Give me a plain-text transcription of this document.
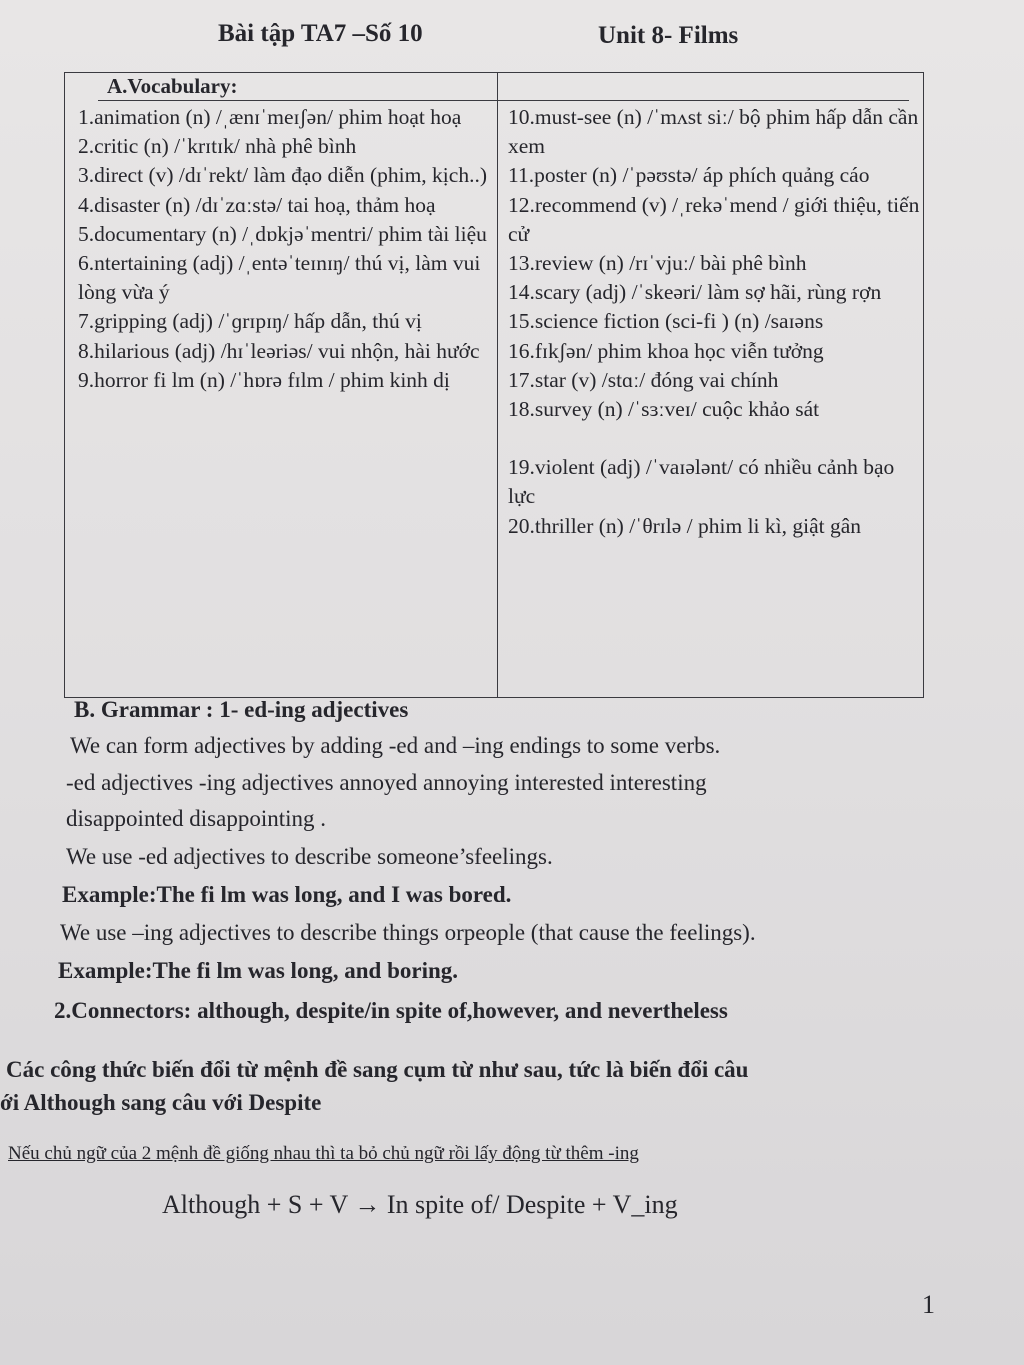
Bài tập TA7 –Số 10	Unit 8- Films
A.Vocabulary:

1.animation (n) /ˌænɪˈmeɪʃən/ phim hoạt hoạ

2.critic (n) /ˈkrɪtɪk/ nhà phê bình

3.direct (v) /dɪˈrekt/ làm đạo diễn (phim, kịch..)

4.disaster (n) /dɪˈzɑːstə/ tai hoạ, thảm hoạ

5.documentary (n) /ˌdɒkjəˈmentri/ phim tài liệu

6.ntertaining (adj) /ˌentəˈteɪnɪŋ/ thú vị, làm vui lòng vừa ý

7.gripping (adj) /ˈɡrɪpɪŋ/ hấp dẫn, thú vị

8.hilarious (adj) /hɪˈleəriəs/ vui nhộn, hài hước

9.horror fi lm (n) /ˈhɒrə fɪlm / phim kinh dị

10.must-see (n) /ˈmʌst siː/ bộ phim hấp dẫn cần xem

11.poster (n) /ˈpəʊstə/ áp phích quảng cáo

12.recommend (v) /ˌrekəˈmend / giới thiệu, tiến cử

13.review (n) /rɪˈvjuː/ bài phê bình

14.scary (adj) /ˈskeəri/ làm sợ hãi, rùng rợn

15.science fiction (sci-fi ) (n) /saɪəns

16.fɪkʃən/ phim khoa học viễn tưởng

17.star (v) /stɑː/ đóng vai chính

18.survey (n) /ˈsɜːveɪ/ cuộc khảo sát

19.violent (adj) /ˈvaɪələnt/ có nhiều cảnh bạo lực

20.thriller (n) /ˈθrɪlə / phim li kì, giật gân

B. Grammar : 1- ed-ing adjectives
We can form adjectives by adding -ed and –ing endings to some verbs.
-ed adjectives -ing adjectives annoyed annoying interested interesting
disappointed disappointing .
We use -ed adjectives to describe someone’sfeelings.
Example:The fi lm was long, and I was bored.
We use –ing adjectives to describe things orpeople (that cause the feelings).
Example:The fi lm was long, and boring.
2.Connectors: although, despite/in spite of,however, and nevertheless
Các công thức biến đổi từ mệnh đề sang cụm từ như sau, tức là biến đổi câu
ới Although sang câu với Despite
Nếu chủ ngữ của 2 mệnh đề giống nhau thì ta bỏ chủ ngữ rồi lấy động từ thêm -ing
Although + S + V → In spite of/ Despite + V_ing
1
